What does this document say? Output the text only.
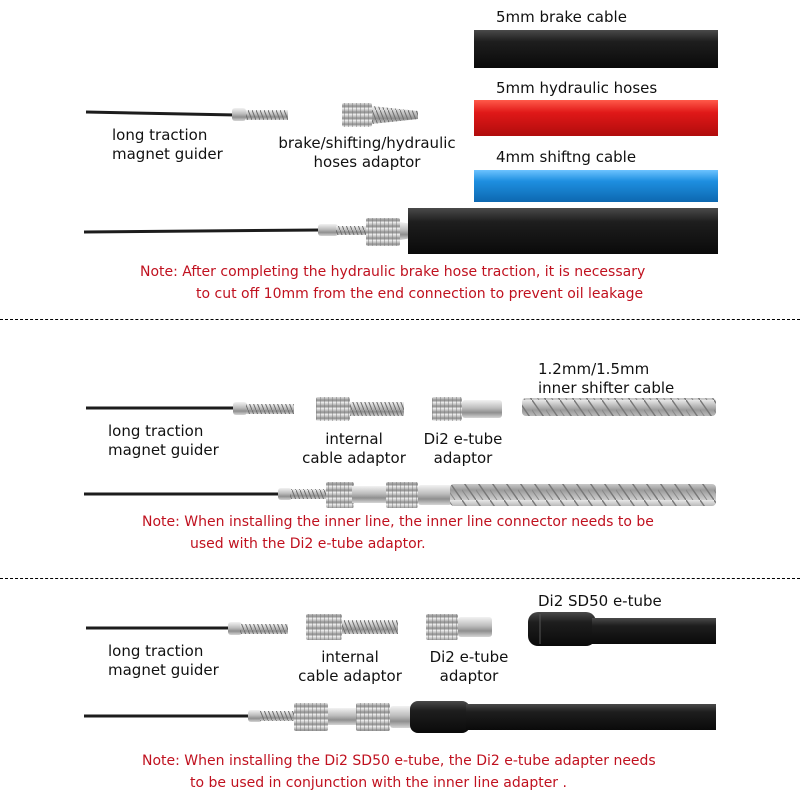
long traction
magnet guider
brake/shifting/hydraulic
hoses adaptor
5mm brake cable
5mm hydraulic hoses
4mm shiftng cable
Note: After completing the hydraulic brake hose traction, it is necessary
to cut off 10mm from the end connection to prevent oil leakage
long traction
magnet guider
internal
cable adaptor
Di2 e-tube
adaptor
1.2mm/1.5mm
inner shifter cable
Note: When installing the inner line, the inner line connector needs to be
used with the Di2 e-tube adaptor.
long traction
magnet guider
internal
cable adaptor
Di2 e-tube
adaptor
Di2 SD50 e-tube
Note: When installing the Di2 SD50 e-tube, the Di2 e-tube adapter needs
to be used in conjunction with the inner line adapter .
